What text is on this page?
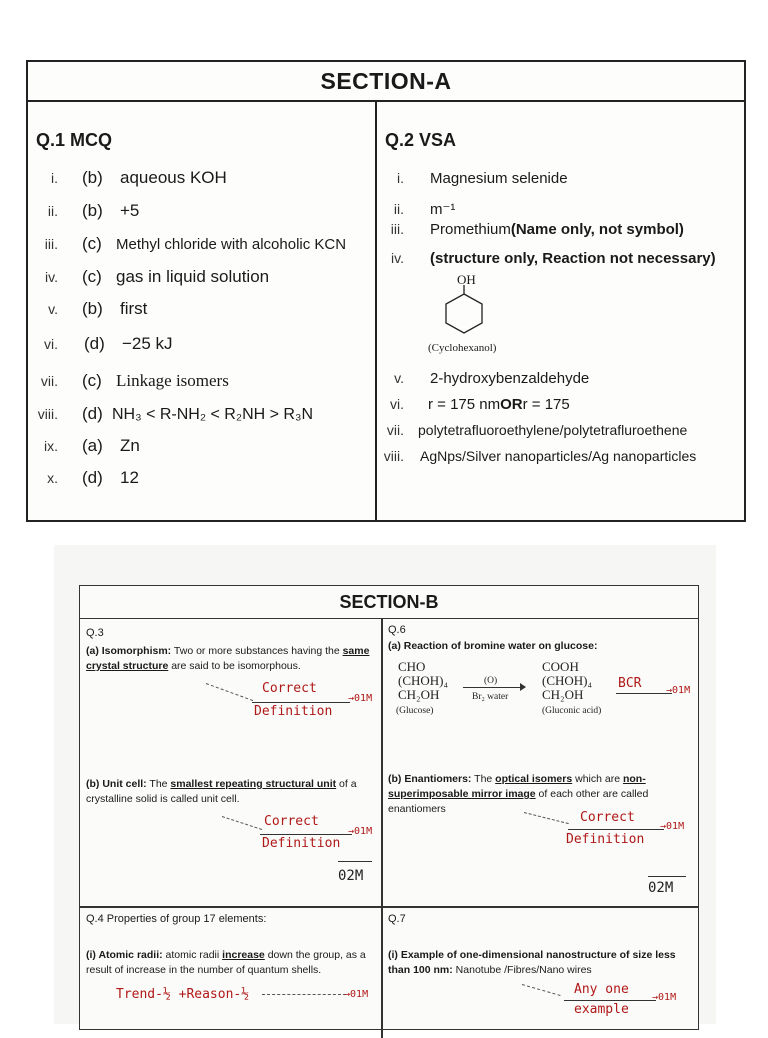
SECTION-A
Q.1 MCQ
i. (b)	aqueous KOH
ii. (b)	+5
iii. (c) Methyl chloride with alcoholic KCN
iv. (c) gas in liquid solution
v. (b)	first
vi. (d)	−25 kJ
vii. (c) Linkage isomers
viii. (d) NH₃ < R-NH₂ < R₂NH > R₃N
ix. (a)	Zn
x. (d)	12
Q.2 VSA
i. Magnesium selenide
ii. m⁻¹
iii. Promethium (Name only, not symbol)
iv. (structure only, Reaction not necessary)
OH
(Cyclohexanol)
v. 2-hydroxybenzaldehyde
vi. r = 175 nm OR r = 175
vii. polytetrafluoroethylene/polytetrafluroethene
viii. AgNps/Silver nanoparticles/Ag nanoparticles
SECTION-B
Q.3
(a) Isomorphism: Two or more substances having the same crystal structure are said to be isomorphous.
Correct
→01M
Definition
(b) Unit cell: The smallest repeating structural unit of a crystalline solid is called unit cell.
Correct
→01M
Definition
02M
Q.6
(a) Reaction of bromine water on glucose:
CHO
(CHOH)₄
CH₂OH
(Glucose)
(O)
Br₂ water
COOH
(CHOH)₄
CH₂OH
(Gluconic acid)
BCR →01M
(b) Enantiomers: The optical isomers which are non-superimposable mirror image of each other are called enantiomers
Correct
→01M
Definition
02M
Q.4 Properties of group 17 elements:
(i) Atomic radii: atomic radii increase down the group, as a result of increase in the number of quantum shells.
Trend-½ +Reason-½	→01M
Q.7
(i) Example of one-dimensional nanostructure of size less than 100 nm: Nanotube /Fibres/Nano wires
Any one
→01M
example
